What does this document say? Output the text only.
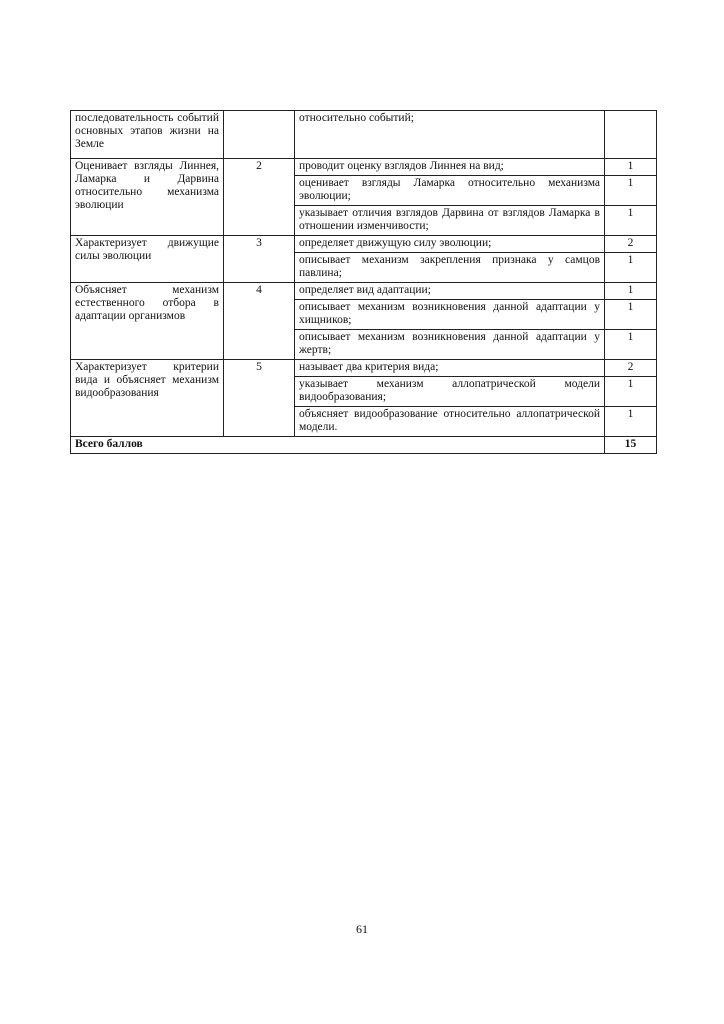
последовательность событий основных этапов жизни на Земле		относительно событий;	
Оценивает взгляды Линнея, Ламарка и Дарвина относительно механизма эволюции	2	проводит оценку взглядов Линнея на вид;	1
		оценивает взгляды Ламарка относительно механизма эволюции;	1
		указывает отличия взглядов Дарвина от взглядов Ламарка в отношении изменчивости;	1
Характеризует движущие силы эволюции	3	определяет движущую силу эволюции;	2
		описывает механизм закрепления признака у самцов павлина;	1
Объясняет механизм естественного отбора в адаптации организмов	4	определяет вид адаптации;	1
		описывает механизм возникновения данной адаптации у хищников;	1
		описывает механизм возникновения данной адаптации у жертв;	1
Характеризует критерии вида и объясняет механизм видообразования	5	называет два критерия вида;	2
		указывает механизм аллопатрической модели видообразования;	1
		объясняет видообразование относительно аллопатрической модели.	1
Всего баллов			15
61
